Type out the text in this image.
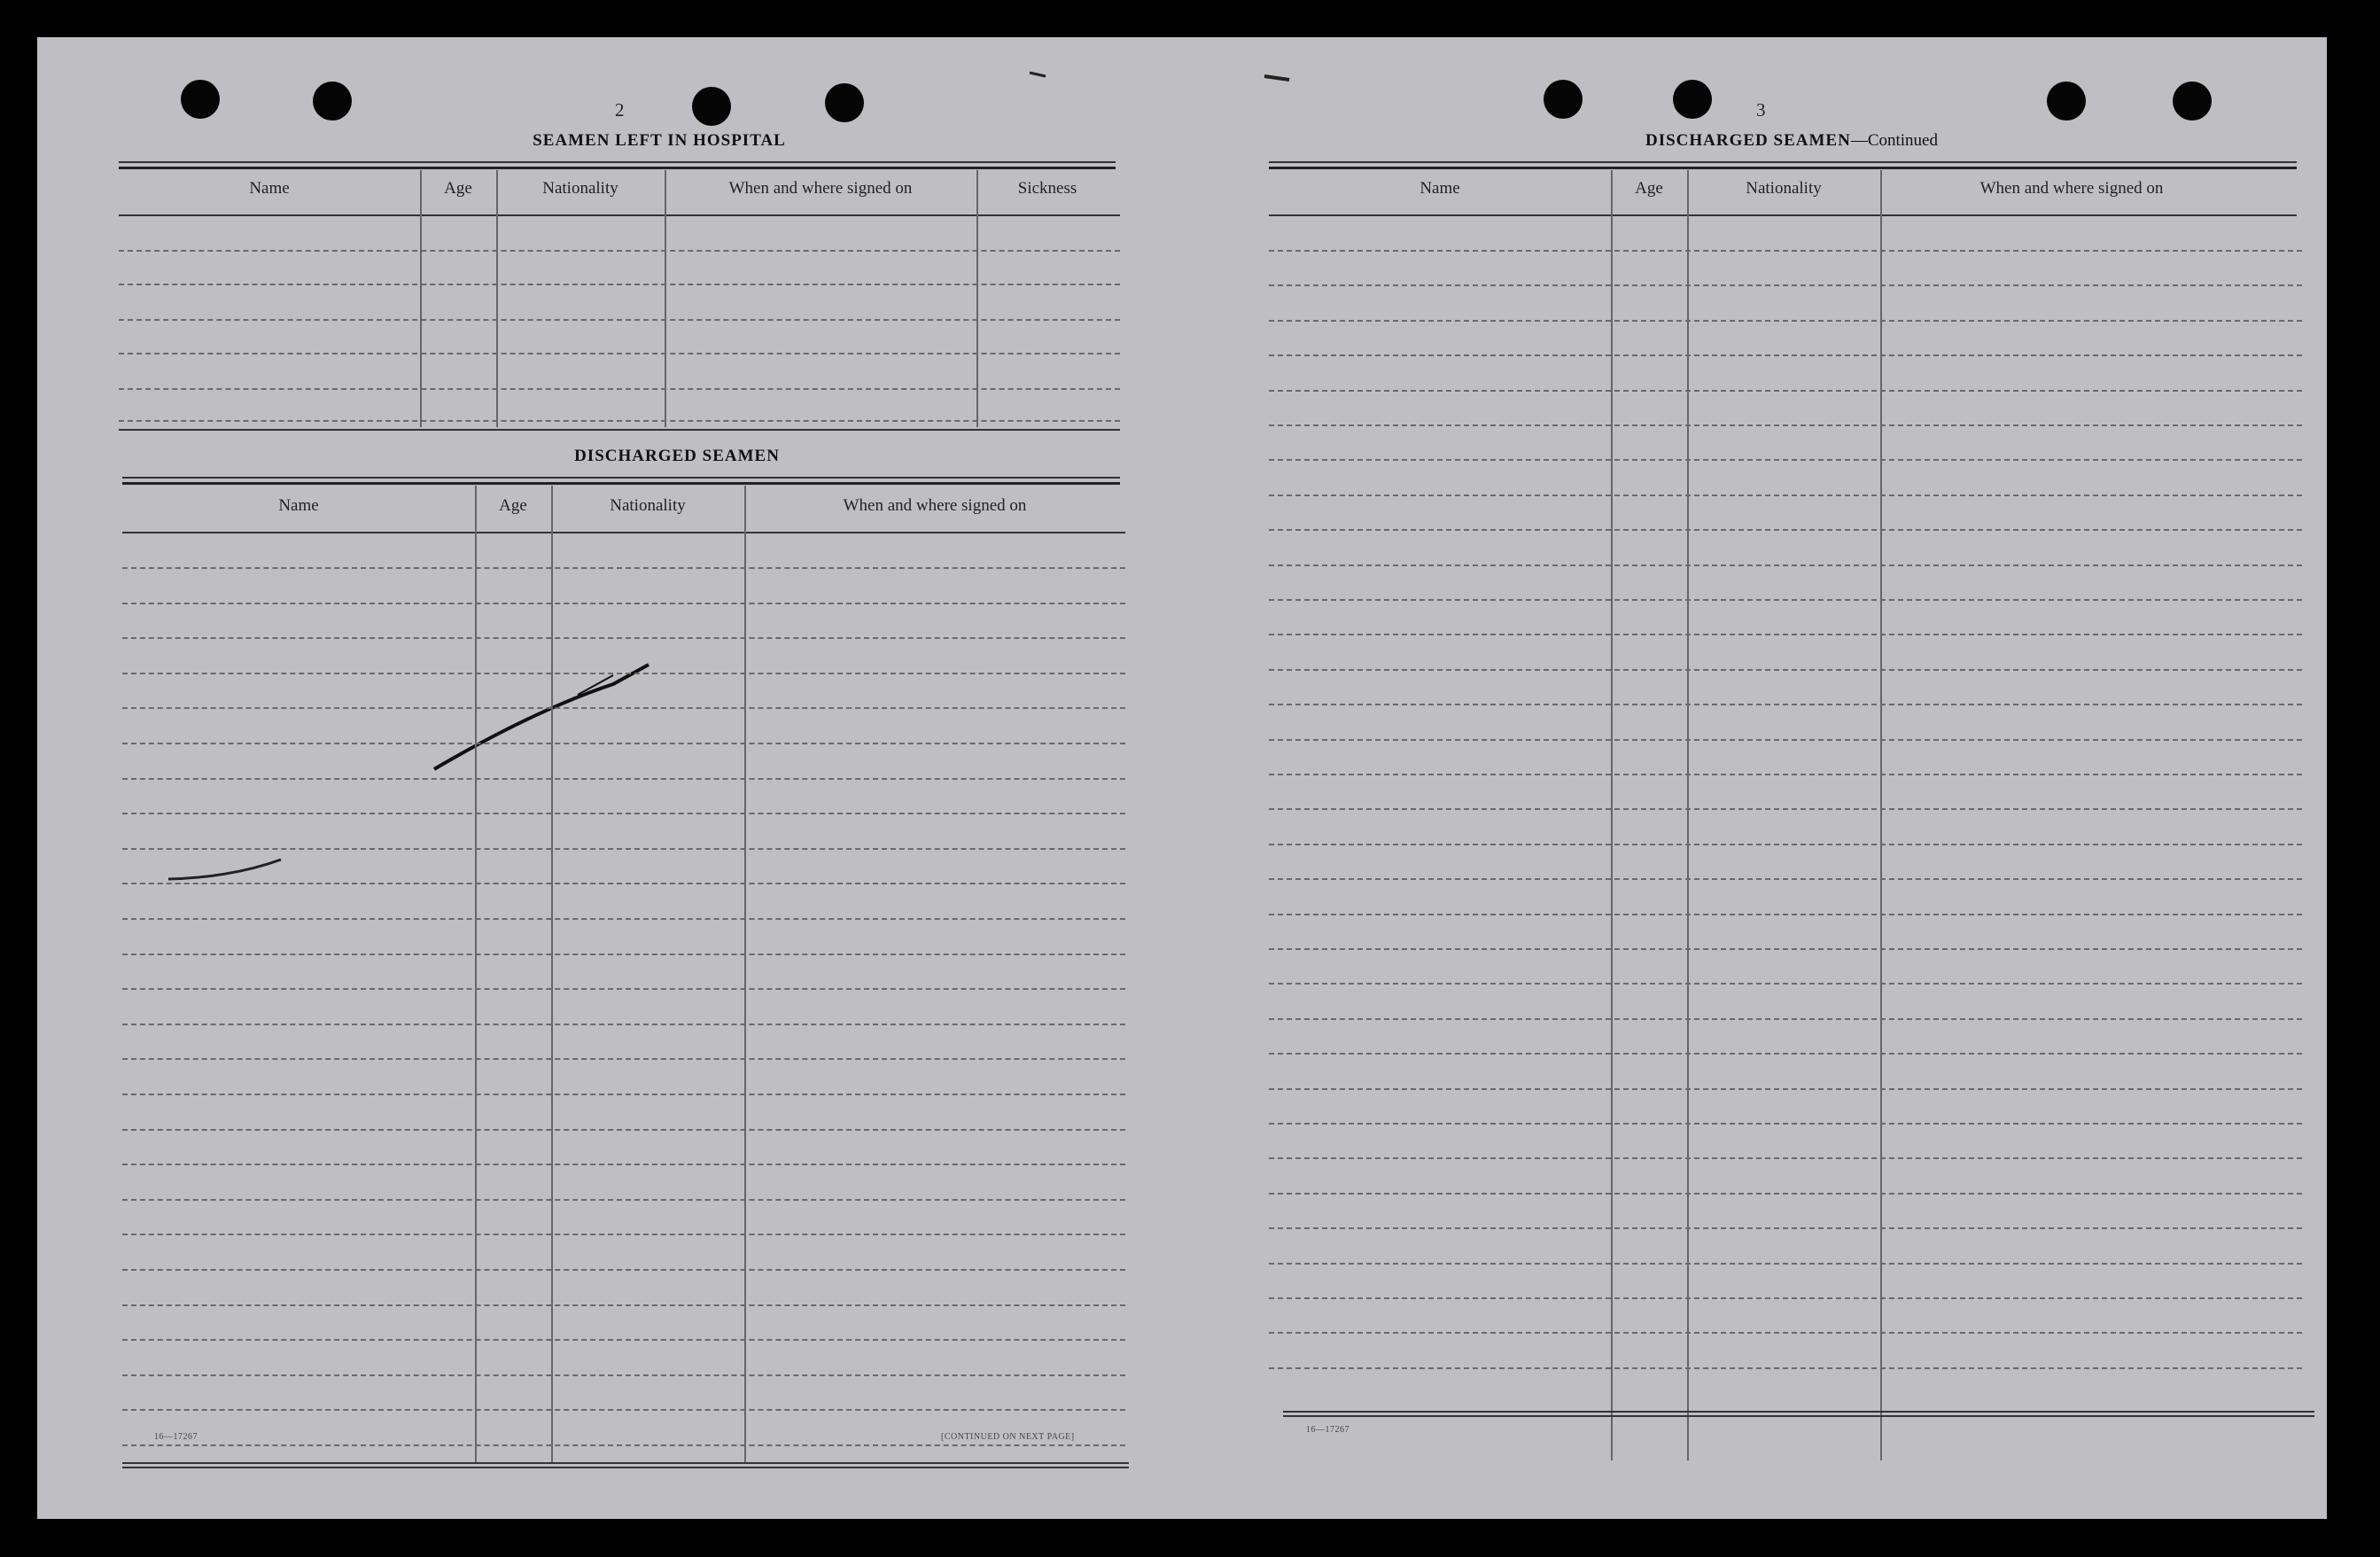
2
SEAMEN LEFT IN HOSPITAL
Name	Age	Nationality	When and where signed on	Sickness
DISCHARGED SEAMEN
Name	Age	Nationality	When and where signed on
16—17267	[CONTINUED ON NEXT PAGE]
3
DISCHARGED SEAMEN—Continued
Name	Age	Nationality	When and where signed on
16—17267
